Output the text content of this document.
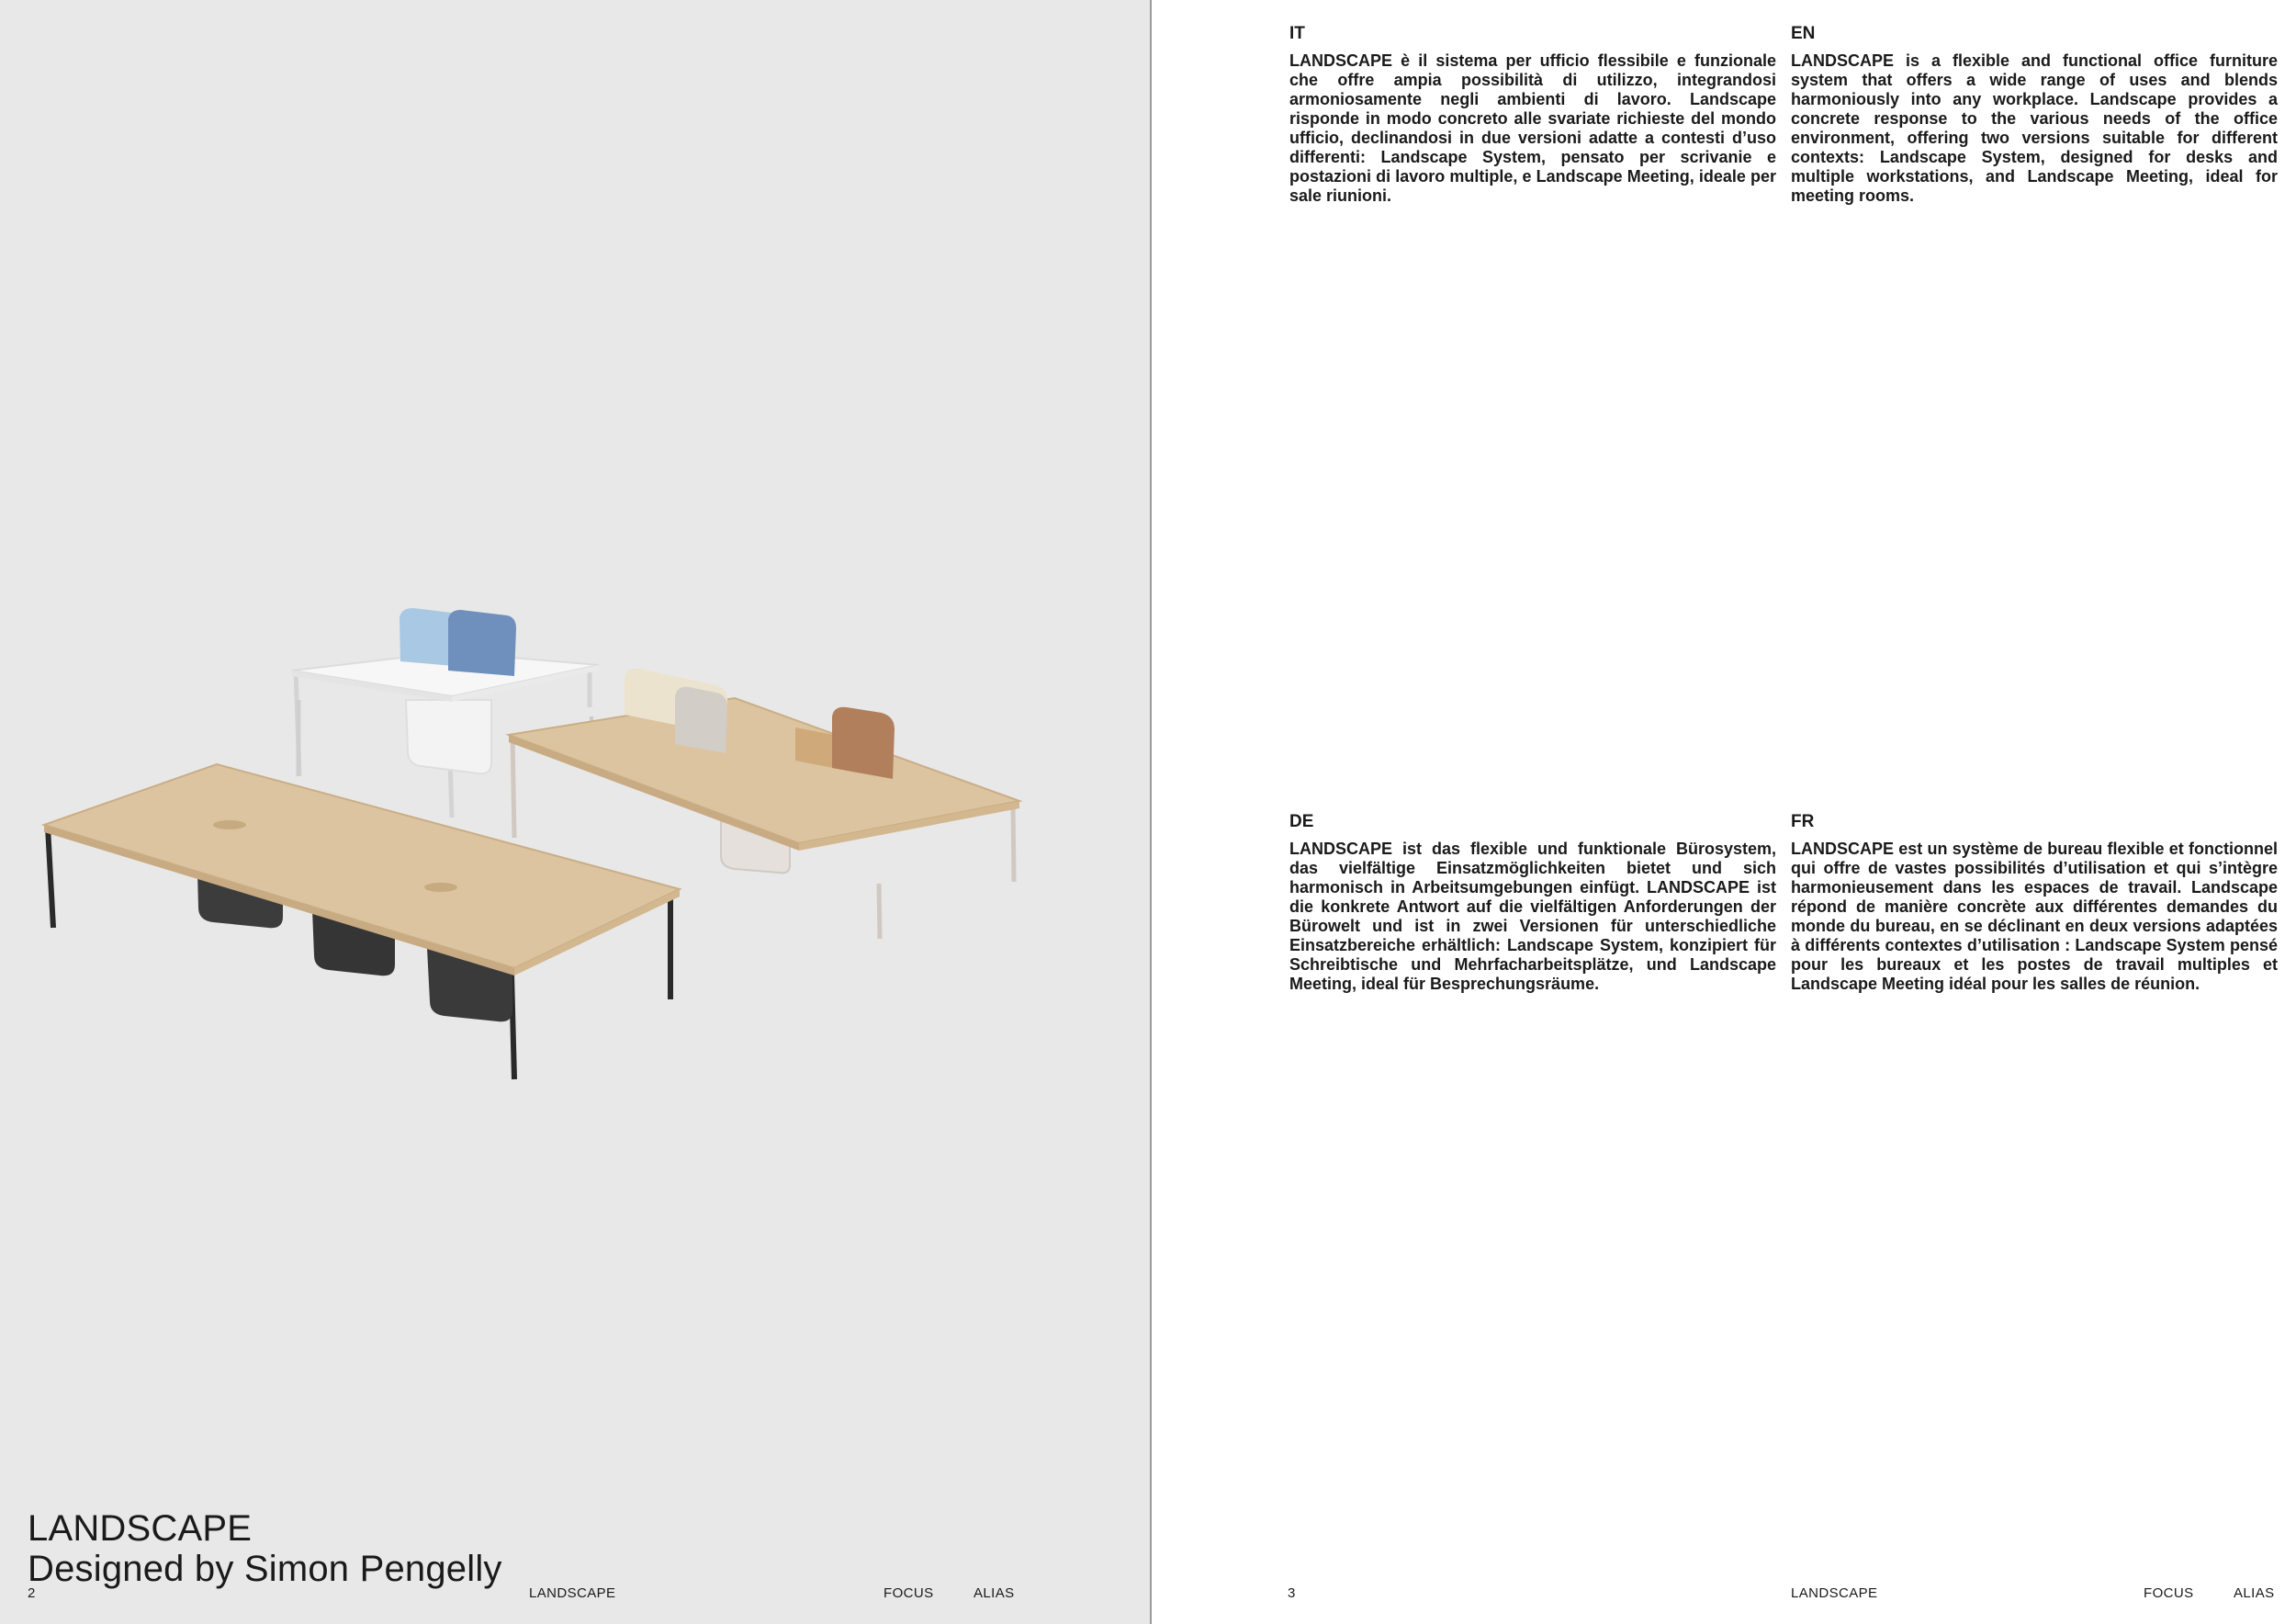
LANDSCAPE
Designed by Simon Pengelly
2	LANDSCAPE	FOCUS	ALIAS

IT

LANDSCAPE è il sistema per ufficio flessibile e funzionale che offre ampia possibilità di utilizzo, integrandosi armoniosamente negli ambienti di lavoro. Landscape risponde in modo concreto alle svariate richieste del mondo ufficio, declinandosi in due versioni adatte a contesti d’uso differenti: Landscape System, pensato per scrivanie e postazioni di lavoro multiple, e Landscape Meeting, ideale per sale riunioni.

EN

LANDSCAPE is a flexible and functional office furniture system that offers a wide range of uses and blends harmoniously into any workplace. Landscape provides a concrete response to the various needs of the office environment, offering two versions suitable for different contexts: Landscape System, designed for desks and multiple workstations, and Landscape Meeting, ideal for meeting rooms.

DE

LANDSCAPE ist das flexible und funktionale Bürosystem, das vielfältige Einsatzmöglichkeiten bietet und sich harmonisch in Arbeitsumgebungen einfügt. LANDSCAPE ist die konkrete Antwort auf die vielfältigen Anforderungen der Bürowelt und ist in zwei Versionen für unterschiedliche Einsatzbereiche erhältlich: Landscape System, konzipiert für Schreibtische und Mehrfacharbeitsplätze, und Landscape Meeting, ideal für Besprechungsräume.

FR

LANDSCAPE est un système de bureau flexible et fonctionnel qui offre de vastes possibilités d’utilisation et qui s’intègre harmonieusement dans les espaces de travail. Landscape répond de manière concrète aux différentes demandes du monde du bureau, en se déclinant en deux versions adaptées à différents contextes d’utilisation : Landscape System pensé pour les bureaux et les postes de travail multiples et Landscape Meeting idéal pour les salles de réunion.

3	LANDSCAPE	FOCUS	ALIAS
